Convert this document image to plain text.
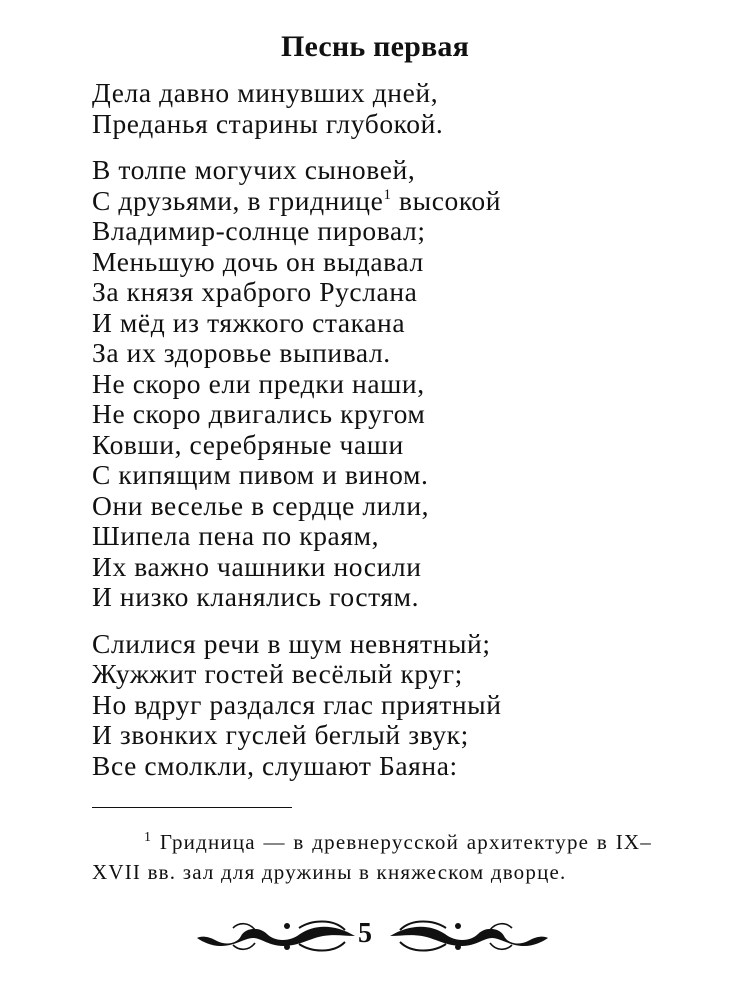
Песнь первая
Дела давно минувших дней,
Преданья старины глубокой.
В толпе могучих сыновей,
С друзьями, в гриднице$^1$ высокой
Владимир-солнце пировал;
Меньшую дочь он выдавал
За князя храброго Руслана
И мёд из тяжкого стакана
За их здоровье выпивал.
Не скоро ели предки наши,
Не скоро двигались кругом
Ковши, серебряные чаши
С кипящим пивом и вином.
Они веселье в сердце лили,
Шипела пена по краям,
Их важно чашники носили
И низко кланялись гостям.
Слилися речи в шум невнятный;
Жужжит гостей весёлый круг;
Но вдруг раздался глас приятный
И звонких гуслей беглый звук;
Все смолкли, слушают Баяна:
$^1$ Гридница — в древнерусской архитектуре в IX–XVII вв. зал для дружины в княжеском дворце.
5
